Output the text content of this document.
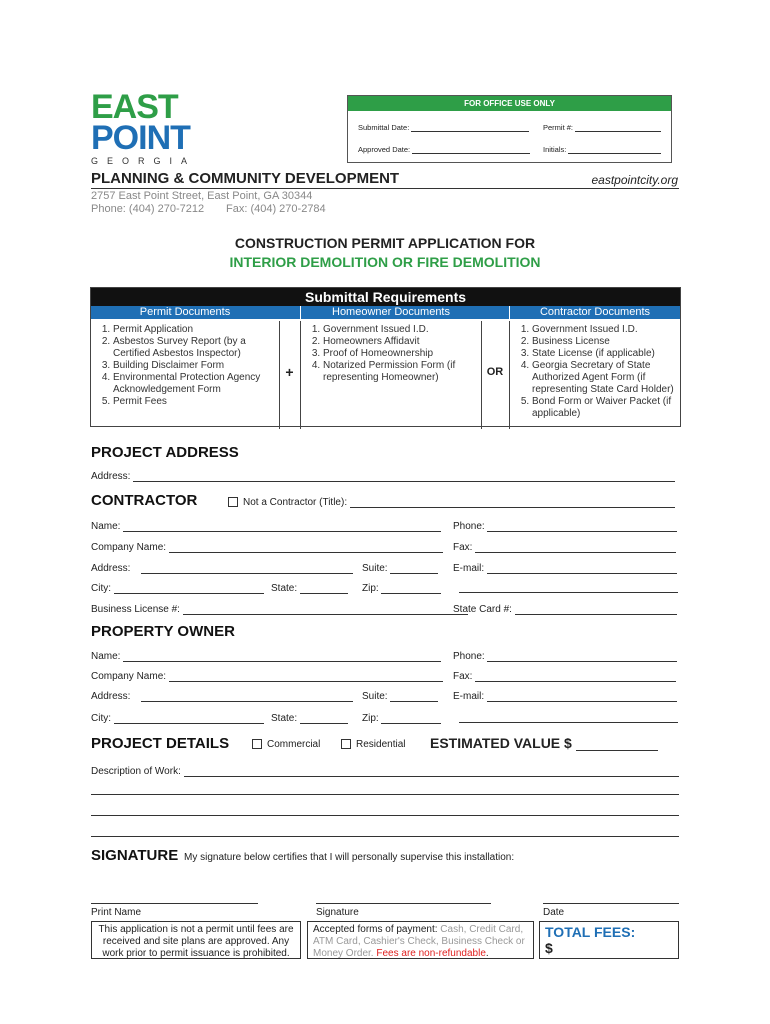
EAST
POINT
GEORGIA
FOR OFFICE USE ONLY
Submittal Date:	Permit #:
Approved Date:	Initials:
PLANNING & COMMUNITY DEVELOPMENT	eastpointcity.org
2757 East Point Street, East Point, GA 30344
Phone: (404) 270-7212 Fax: (404) 270-2784
CONSTRUCTION PERMIT APPLICATION FOR
INTERIOR DEMOLITION OR FIRE DEMOLITION
Submittal Requirements
Permit Documents	Homeowner Documents	Contractor Documents
1. Permit Application
2. Asbestos Survey Report (by a Certified Asbestos Inspector)
3. Building Disclaimer Form
4. Environmental Protection Agency Acknowledgement Form
5. Permit Fees
+
1. Government Issued I.D.
2. Homeowners Affidavit
3. Proof of Homeownership
4. Notarized Permission Form (if representing Homeowner)	OR
1. Government Issued I.D.
2. Business License
3. State License (if applicable)
4. Georgia Secretary of State Authorized Agent Form (if representing State Card Holder)
5. Bond Form or Waiver Packet (if applicable)
PROJECT ADDRESS
Address:
CONTRACTOR	Not a Contractor (Title):
Name:	Phone:
Company Name:	Fax:
Address:	Suite:	E-mail:
City:	State:	Zip:
Business License #:	State Card #:
PROPERTY OWNER
Name:	Phone:
Company Name:	Fax:
Address:	Suite:	E-mail:
City:	State:	Zip:
PROJECT DETAILS	Commercial	Residential ESTIMATED VALUE $
Description of Work:
SIGNATURE My signature below certifies that I will personally supervise this installation:
Print Name	Signature	Date
This application is not a permit until fees are received and site plans are approved. Any work prior to permit issuance is prohibited.
Accepted forms of payment: Cash, Credit Card, ATM Card, Cashier's Check, Business Check or Money Order. Fees are non-refundable.
TOTAL FEES:
$
